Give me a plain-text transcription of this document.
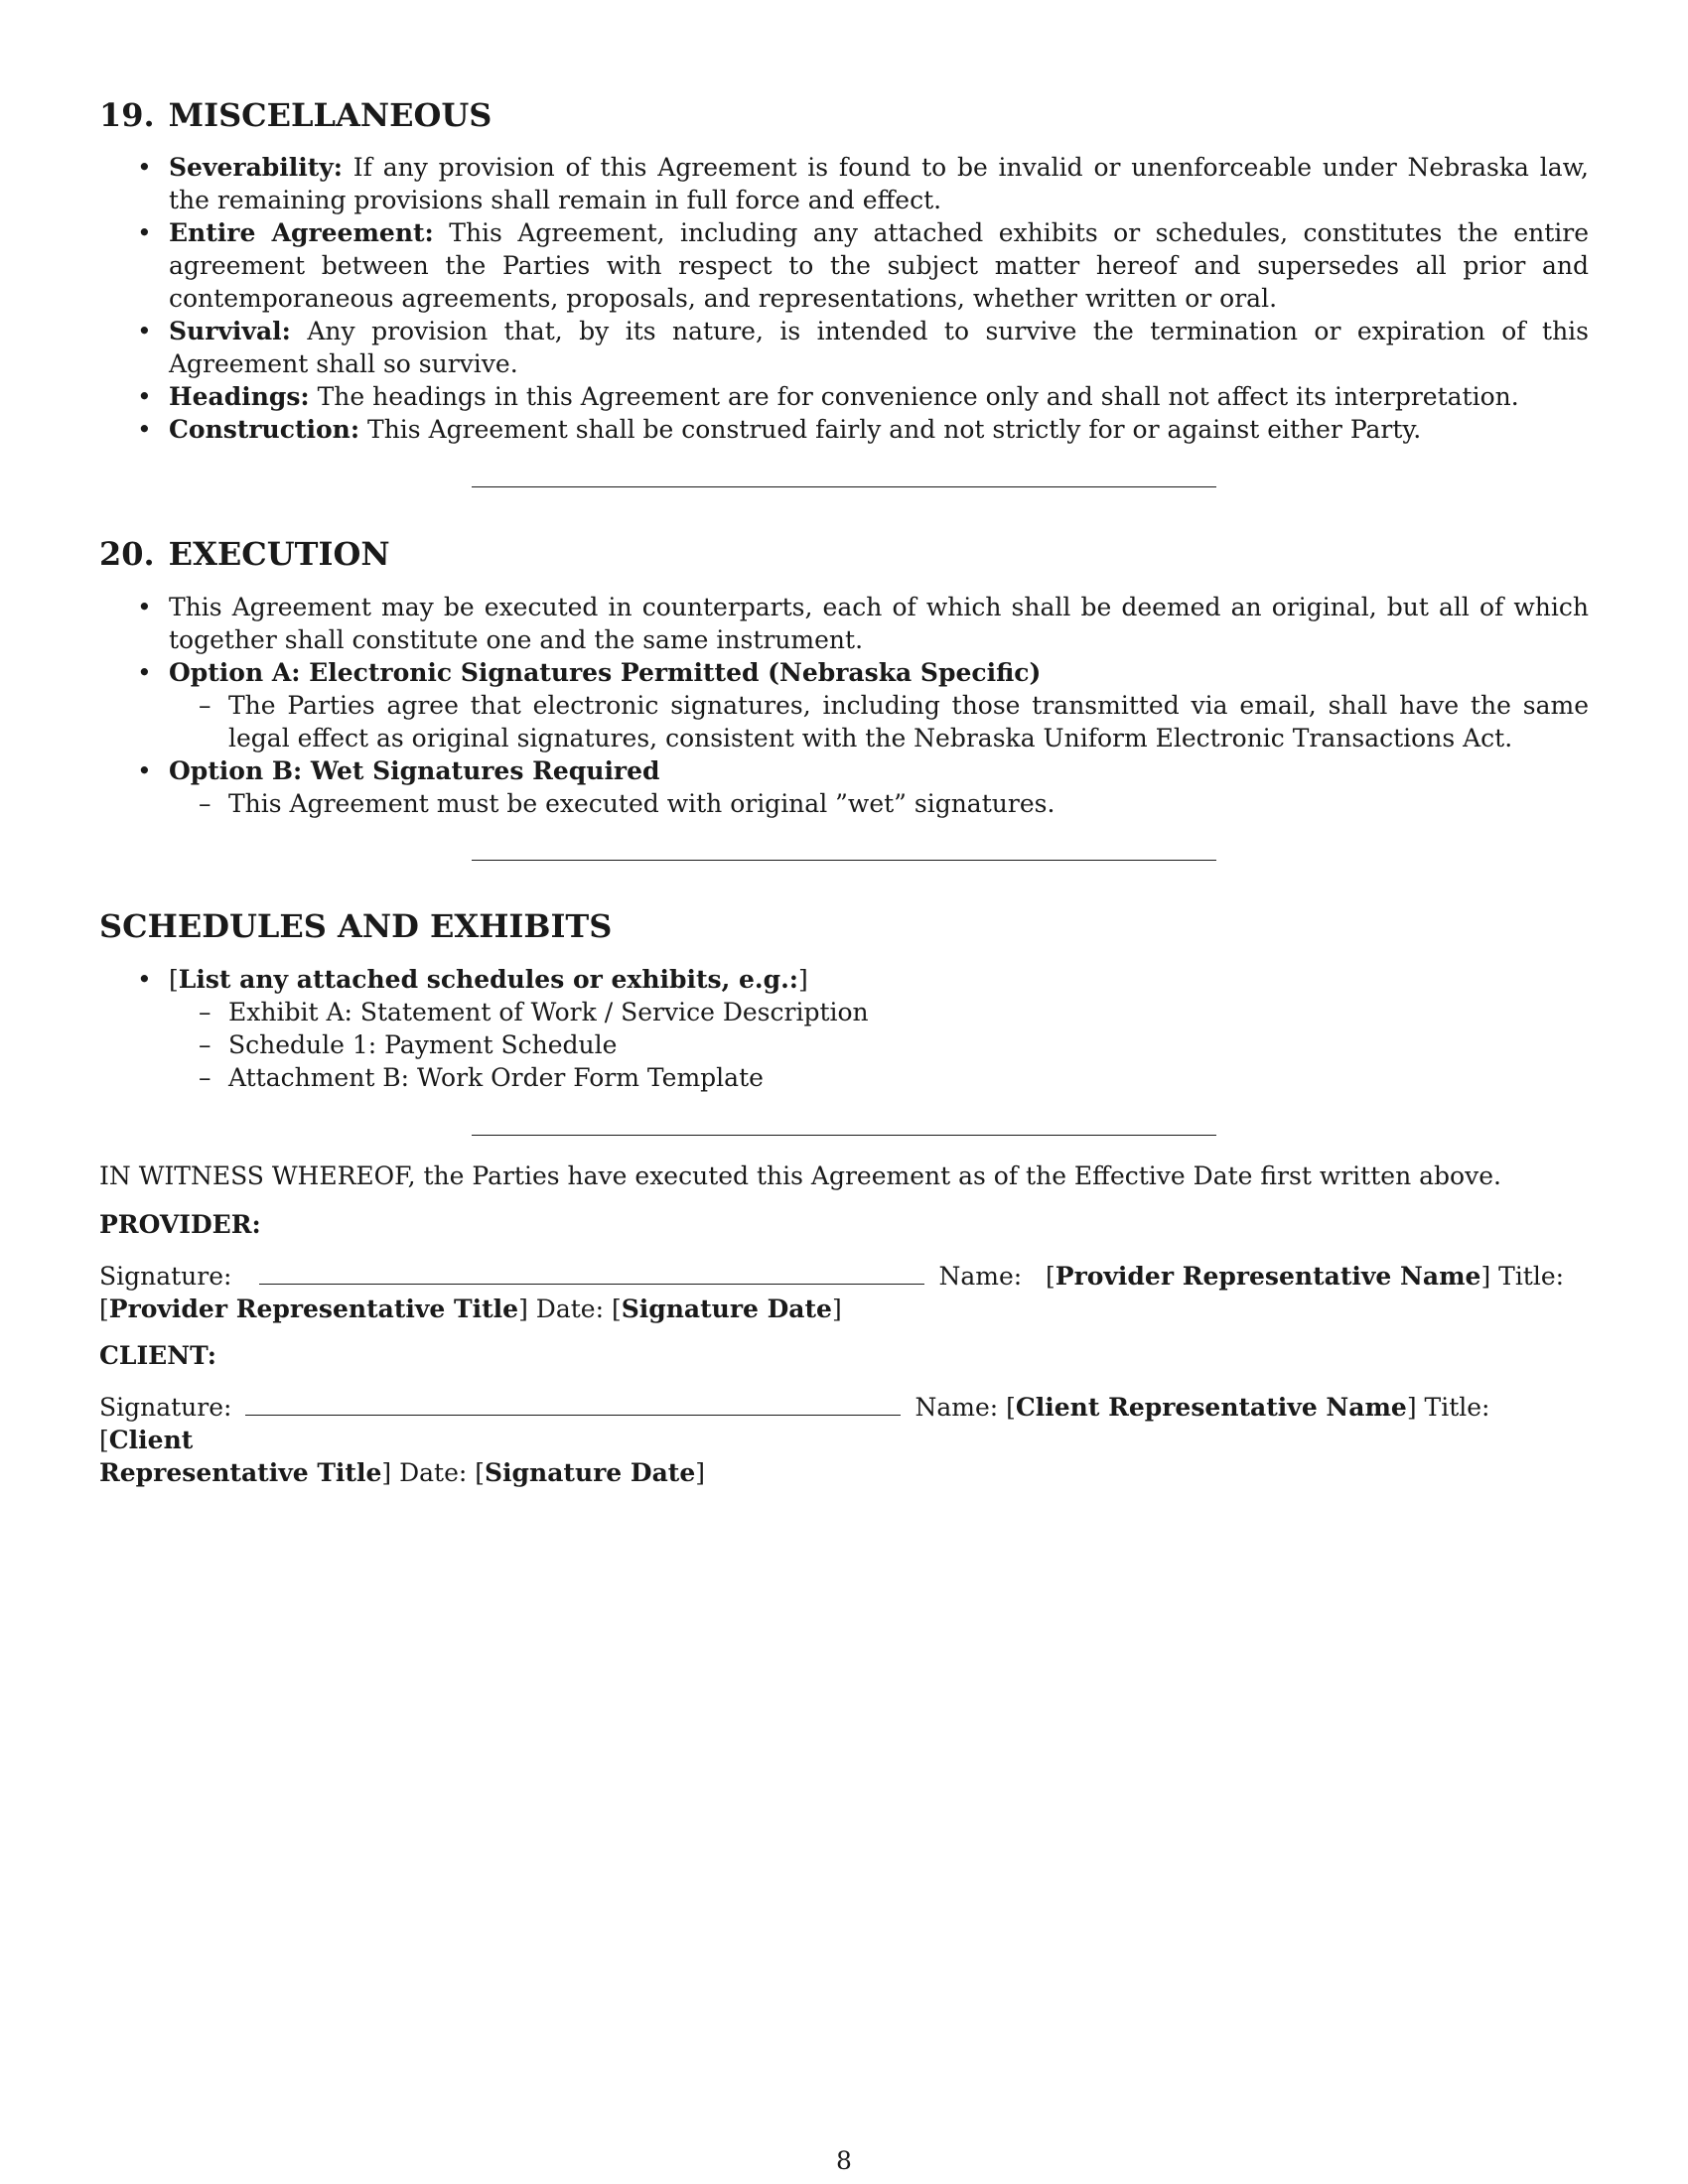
19. MISCELLANEOUS
• Severability: If any provision of this Agreement is found to be invalid or unenforceable under Nebraska law, the remaining provisions shall remain in full force and effect.
• Entire Agreement: This Agreement, including any attached exhibits or schedules, constitutes the entire agreement between the Parties with respect to the subject matter hereof and supersedes all prior and contemporaneous agreements, proposals, and representations, whether written or oral.
• Survival: Any provision that, by its nature, is intended to survive the termination or expiration of this Agreement shall so survive.
• Headings: The headings in this Agreement are for convenience only and shall not affect its interpretation.
• Construction: This Agreement shall be construed fairly and not strictly for or against either Party.
20. EXECUTION
• This Agreement may be executed in counterparts, each of which shall be deemed an original, but all of which together shall constitute one and the same instrument.
• Option A: Electronic Signatures Permitted (Nebraska Specific)
– The Parties agree that electronic signatures, including those transmitted via email, shall have the same legal effect as original signatures, consistent with the Nebraska Uniform Electronic Transactions Act.
• Option B: Wet Signatures Required
– This Agreement must be executed with original ”wet” signatures.
SCHEDULES AND EXHIBITS
• [List any attached schedules or exhibits, e.g.:]
– Exhibit A: Statement of Work / Service Description
– Schedule 1: Payment Schedule
– Attachment B: Work Order Form Template
IN WITNESS WHEREOF, the Parties have executed this Agreement as of the Effective Date first written above.
PROVIDER:
Signature:	Name:   [Provider Representative Name] Title:
[Provider Representative Title] Date: [Signature Date]
CLIENT:
Signature:	Name: [Client Representative Name] Title: [Client
Representative Title] Date: [Signature Date]
8
